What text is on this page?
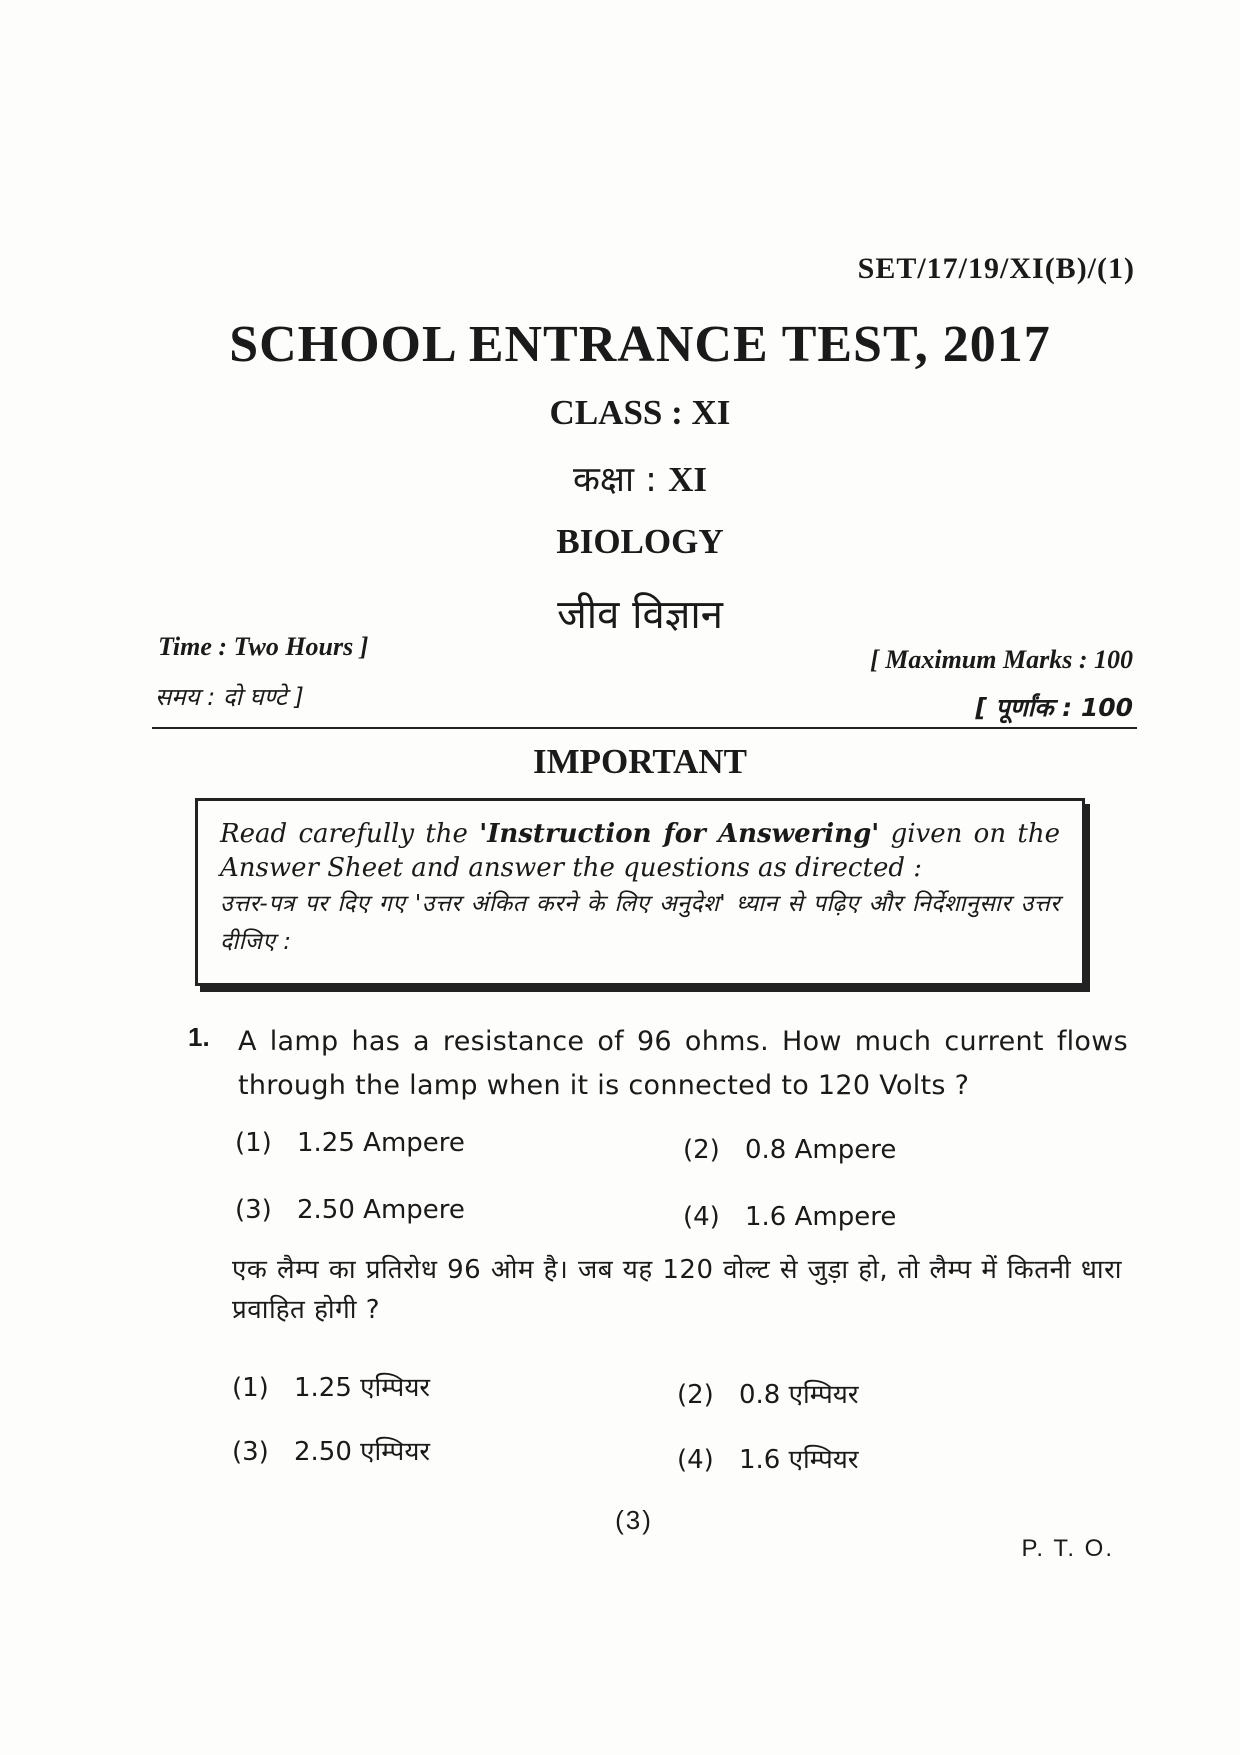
SET/17/19/XI(B)/(1)
SCHOOL ENTRANCE TEST, 2017
CLASS : XI
कक्षा : XI
BIOLOGY
जीव विज्ञान
Time : Two Hours ]
समय : दो घण्टे ]
[ Maximum Marks : 100
[ पूर्णांक : 100
IMPORTANT
Read carefully the 'Instruction for Answering' given on the Answer Sheet and answer the questions as directed :
उत्तर-पत्र पर दिए गए 'उत्तर अंकित करने के लिए अनुदेश' ध्यान से पढ़िए और निर्देशानुसार उत्तर दीजिए :
1. A lamp has a resistance of 96 ohms. How much current flows through the lamp when it is connected to 120 Volts ?
(1) 1.25 Ampere	(2) 0.8 Ampere
(3) 2.50 Ampere	(4) 1.6 Ampere
एक लैम्प का प्रतिरोध 96 ओम है। जब यह 120 वोल्ट से जुड़ा हो, तो लैम्प में कितनी धारा प्रवाहित होगी ?
(1) 1.25 एम्पियर	(2) 0.8 एम्पियर
(3) 2.50 एम्पियर	(4) 1.6 एम्पियर
(3)
P. T. O.
